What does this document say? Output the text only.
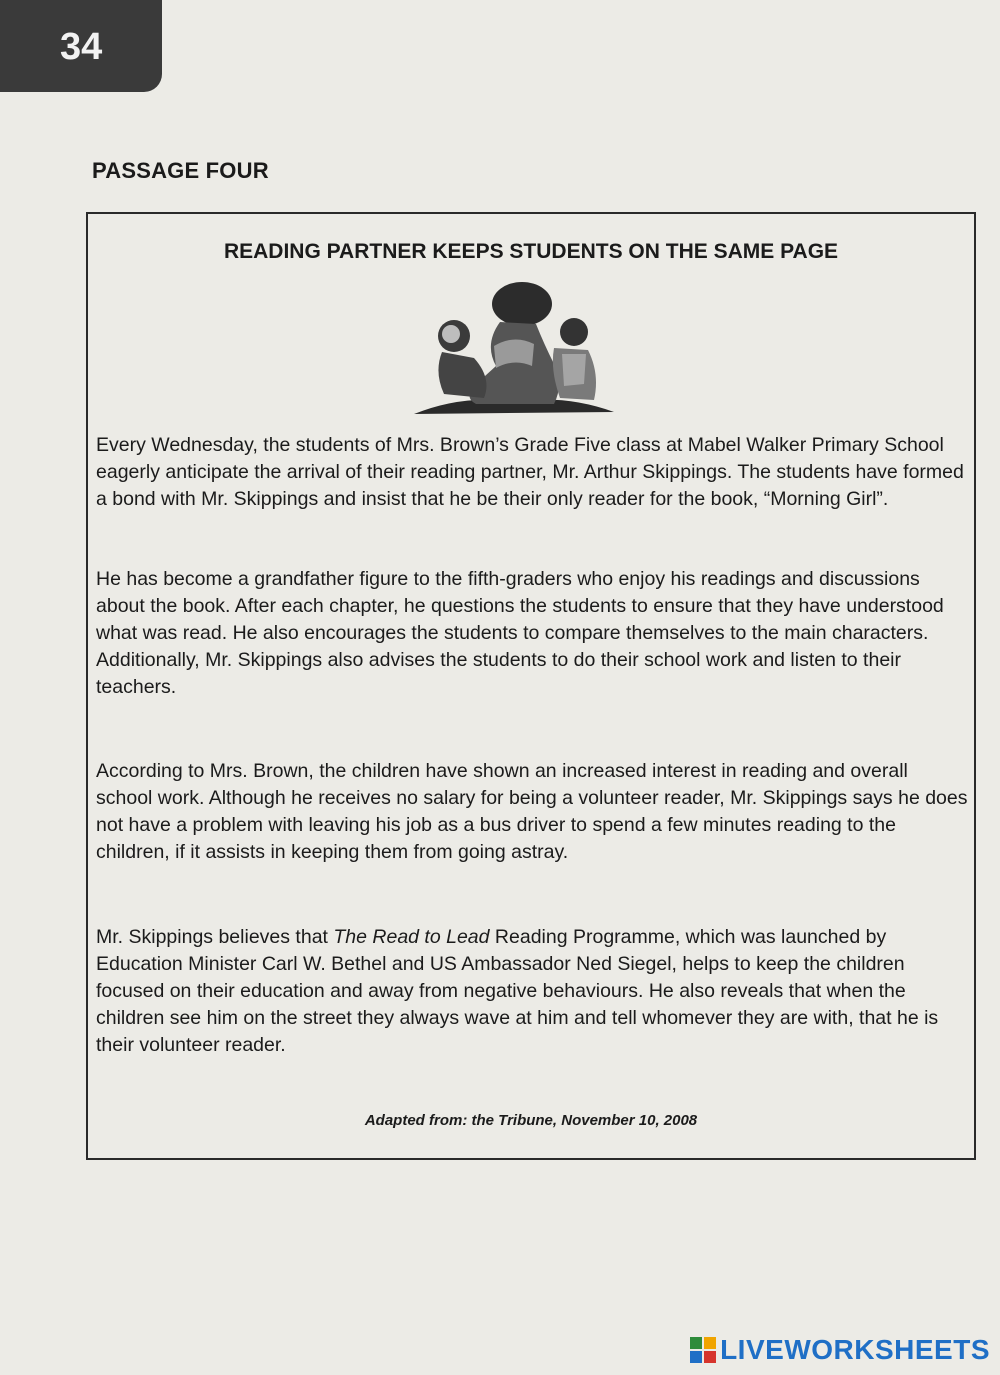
34
PASSAGE FOUR
READING PARTNER KEEPS STUDENTS ON THE SAME PAGE

Every Wednesday, the students of Mrs. Brown’s Grade Five class at Mabel Walker Primary School eagerly anticipate the arrival of their reading partner, Mr. Arthur Skippings. The students have formed a bond with Mr. Skippings and insist that he be their only reader for the book, “Morning Girl”.

He has become a grandfather figure to the fifth-graders who enjoy his readings and discussions about the book. After each chapter, he questions the students to ensure that they have understood what was read. He also encourages the students to compare themselves to the main characters. Additionally, Mr. Skippings also advises the students to do their school work and listen to their teachers.

According to Mrs. Brown, the children have shown an increased interest in reading and overall school work. Although he receives no salary for being a volunteer reader, Mr. Skippings says he does not have a problem with leaving his job as a bus driver to spend a few minutes reading to the children, if it assists in keeping them from going astray.

Mr. Skippings believes that The Read to Lead Reading Programme, which was launched by Education Minister Carl W. Bethel and US Ambassador Ned Siegel, helps to keep the children focused on their education and away from negative behaviours. He also reveals that when the children see him on the street they always wave at him and tell whomever they are with, that he is their volunteer reader.

Adapted from: the Tribune, November 10, 2008
LIVEWORKSHEETS
